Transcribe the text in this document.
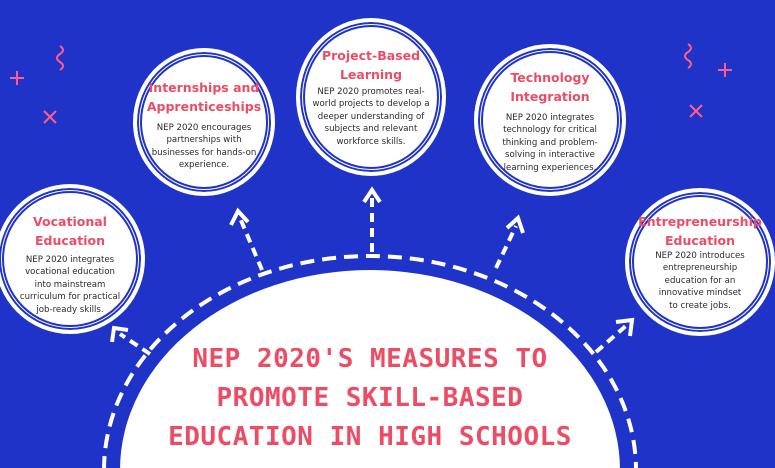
Vocational
Education
NEP 2020 integrates
vocational education
into mainstream
curriculum for practical
job-ready skills.
Internships and
Apprenticeships
NEP 2020 encourages
partnerships with
businesses for hands-on
experience.
Project-Based
Learning
NEP 2020 promotes real-
world projects to develop a
deeper understanding of
subjects and relevant
workforce skills.
Technology
Integration
NEP 2020 integrates
technology for critical
thinking and problem-
solving in interactive
learning experiences.
Entrepreneurship
Education
NEP 2020 introduces
entrepreneurship
education for an
innovative mindset
to create jobs.
NEP 2020'S MEASURES TO
PROMOTE SKILL-BASED
EDUCATION IN HIGH SCHOOLS
